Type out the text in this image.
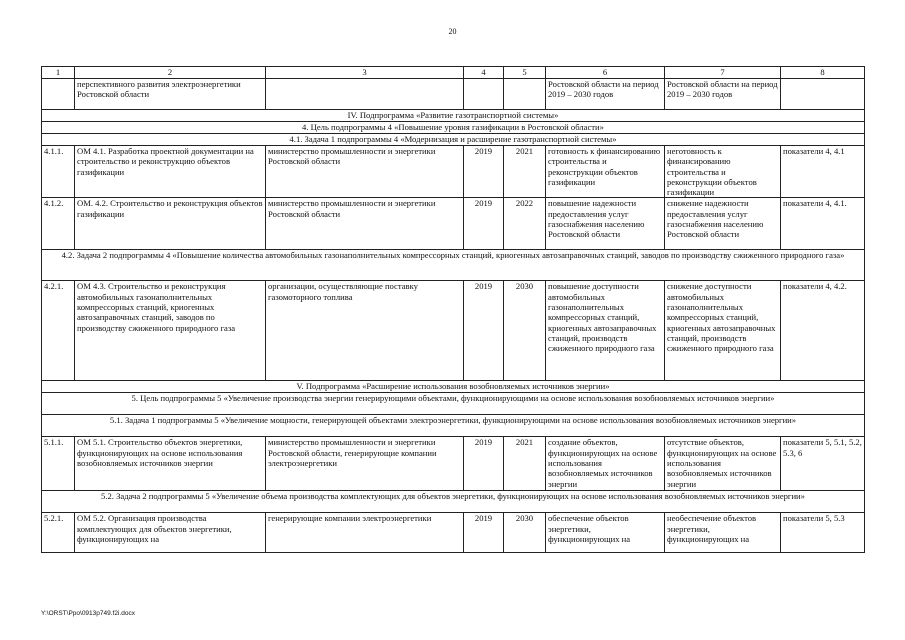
20
1	2	3	4	5	6	7	8
	перспективного развития электроэнергетики Ростовской области				Ростовской области на период 2019 – 2030 годов	Ростовской области на период 2019 – 2030 годов	
IV. Подпрограмма «Развитие газотранспортной системы»							
4. Цель подпрограммы 4 «Повышение уровня газификации в Ростовской области»							
4.1. Задача 1 подпрограммы 4 «Модернизация и расширение газотранспортной системы»							
4.1.1.	ОМ 4.1. Разработка проектной документации на строительство и реконструкцию объектов газификации	министерство промышленности и энергетики Ростовской области	2019	2021	готовность к финансированию строительства и реконструкции объектов газификации	неготовность к финансированию строительства и реконструкции объектов газификации	показатели 4, 4.1
4.1.2.	ОМ. 4.2. Строительство и реконструкция объектов газификации	министерство промышленности и энергетики Ростовской области	2019	2022	повышение надежности предоставления услуг газоснабжения населению Ростовской области	снижение надежности предоставления услуг газоснабжения населению Ростовской области	показатели 4, 4.1.
4.2. Задача 2 подпрограммы 4 «Повышение количества автомобильных газонаполнительных компрессорных станций, криогенных автозаправочных станций, заводов по производству сжиженного природного газа»							
4.2.1.	ОМ 4.3. Строительство и реконструкция автомобильных газонаполнительных компрессорных станций, криогенных автозаправочных станций, заводов по производству сжиженного природного газа	организации, осуществляющие поставку газомоторного топлива	2019	2030	повышение доступности автомобильных газонаполнительных компрессорных станций, криогенных автозаправочных станций, производств сжиженного природного газа	снижение доступности автомобильных газонаполнительных компрессорных станций, криогенных автозаправочных станций, производств сжиженного природного газа	показатели 4, 4.2.
V. Подпрограмма «Расширение использования возобновляемых источников энергии»							
5. Цель подпрограммы 5 «Увеличение производства энергии генерирующими объектами, функционирующими на основе использования возобновляемых источников энергии»							
5.1. Задача 1 подпрограммы 5 «Увеличение мощности, генерирующей объектами электроэнергетики, функционирующими на основе использования возобновляемых источников энергии»							
5.1.1.	ОМ 5.1. Строительство объектов энергетики, функционирующих на основе использования возобновляемых источников энергии	министерство промышленности и энергетики Ростовской области, генерирующие компании электроэнергетики	2019	2021	создание объектов, функционирующих на основе использования возобновляемых источников энергии	отсутствие объектов, функционирующих на основе использования возобновляемых источников энергии	показатели 5, 5.1, 5.2, 5.3, 6
5.2. Задача 2 подпрограммы 5 «Увеличение объема производства комплектующих для объектов энергетики, функционирующих на основе использования возобновляемых источников энергии»							
5.2.1.	ОМ 5.2. Организация производства комплектующих для объектов энергетики, функционирующих на	генерирующие компании электроэнергетики	2019	2030	обеспечение объектов энергетики, функционирующих на	необеспечение объектов энергетики, функционирующих на	показатели 5, 5.3
Y:\ORST\Ppo\0913p749.f2i.docx
